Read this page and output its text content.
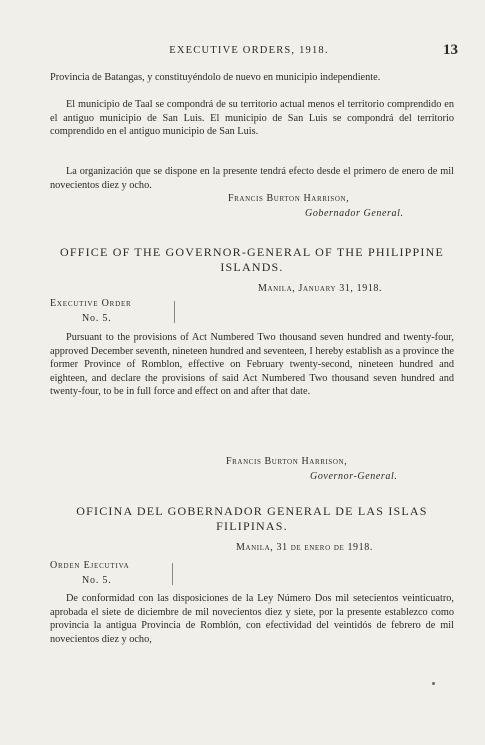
EXECUTIVE ORDERS, 1918.	13

Provincia de Batangas, y constituyéndolo de nuevo en municipio independiente.

El municipio de Taal se compondrá de su territorio actual menos el territorio comprendido en el antiguo municipio de San Luis. El municipio de San Luis se compondrá del territorio comprendido en el antiguo municipio de San Luis.

La organización que se dispone en la presente tendrá efecto desde el primero de enero de mil novecientos diez y ocho.

Francis Burton Harrison,
Gobernador General.

OFFICE OF THE GOVERNOR-GENERAL OF THE PHILIPPINE ISLANDS.

Manila, January 31, 1918.
Executive Order
No. 5.

Pursuant to the provisions of Act Numbered Two thousand seven hundred and twenty-four, approved December seventh, nineteen hundred and seventeen, I hereby establish as a province the former Province of Romblon, effective on February twenty-second, nineteen hundred and eighteen, and declare the provisions of said Act Numbered Two thousand seven hundred and twenty-four, to be in full force and effect on and after that date.

Francis Burton Harrison,
Governor-General.

OFICINA DEL GOBERNADOR GENERAL DE LAS ISLAS FILIPINAS.

Manila, 31 de enero de 1918.
Orden Ejecutiva
No. 5.

De conformidad con las disposiciones de la Ley Número Dos mil setecientos veinticuatro, aprobada el siete de diciembre de mil novecientos diez y siete, por la presente establezco como provincia la antigua Provincia de Romblón, con efectividad del veintidós de febrero de mil novecientos diez y ocho,
